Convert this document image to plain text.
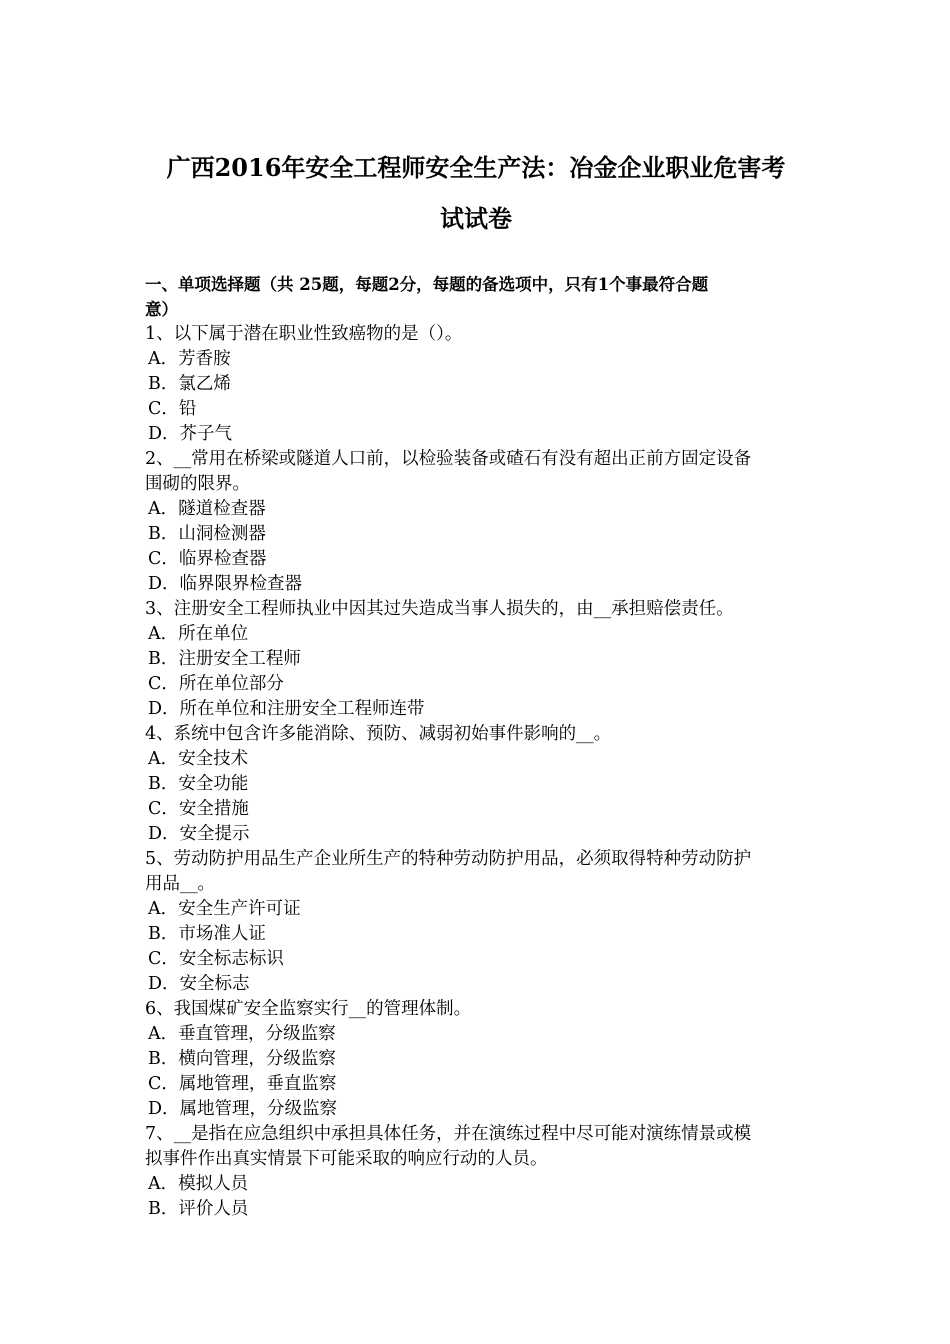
广西2016年安全工程师安全生产法：冶金企业职业危害考
试试卷
一、单项选择题（共 25题，每题2分，每题的备选项中，只有1个事最符合题
意）
1、以下属于潜在职业性致癌物的是（）。
A．芳香胺
B．氯乙烯
C．铅
D．芥子气
2、__常用在桥梁或隧道人口前，以检验装备或碴石有没有超出正前方固定设备
围砌的限界。
A．隧道检查器
B．山洞检测器
C．临界检查器
D．临界限界检查器
3、注册安全工程师执业中因其过失造成当事人损失的，由__承担赔偿责任。
A．所在单位
B．注册安全工程师
C．所在单位部分
D．所在单位和注册安全工程师连带
4、系统中包含许多能消除、预防、减弱初始事件影响的__。
A．安全技术
B．安全功能
C．安全措施
D．安全提示
5、劳动防护用品生产企业所生产的特种劳动防护用品，必须取得特种劳动防护
用品__。
A．安全生产许可证
B．市场准人证
C．安全标志标识
D．安全标志
6、我国煤矿安全监察实行__的管理体制。
A．垂直管理，分级监察
B．横向管理，分级监察
C．属地管理，垂直监察
D．属地管理，分级监察
7、__是指在应急组织中承担具体任务，并在演练过程中尽可能对演练情景或模
拟事件作出真实情景下可能采取的响应行动的人员。
A．模拟人员
B．评价人员
